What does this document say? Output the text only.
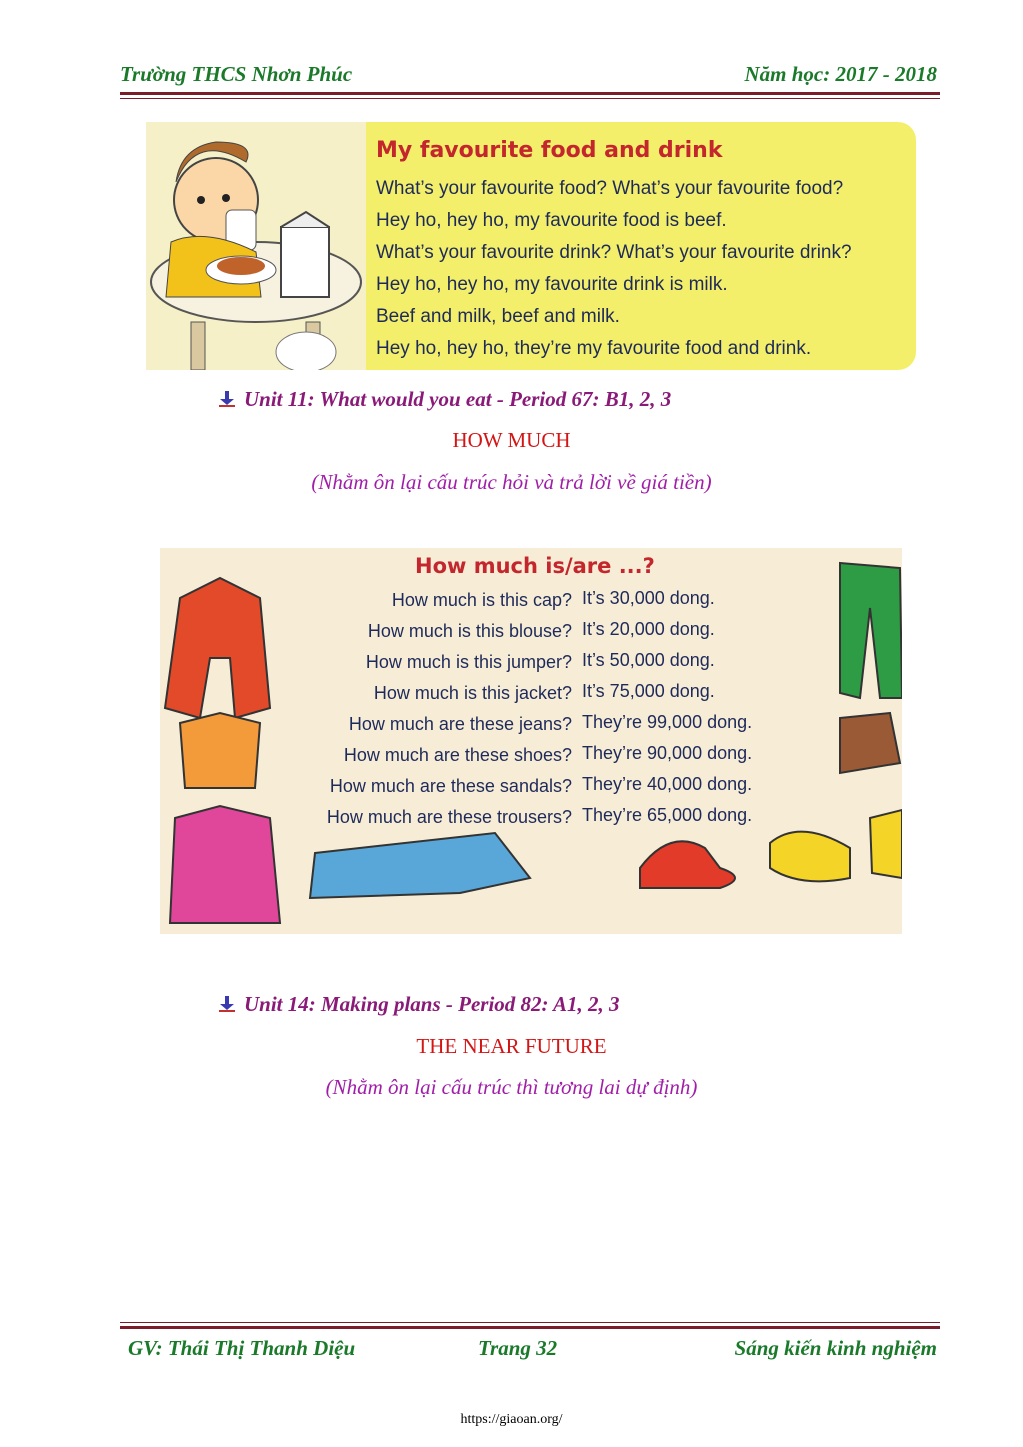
Trường THCS Nhơn Phúc	Năm học: 2017 - 2018
My favourite food and drink
What’s your favourite food? What’s your favourite food?
Hey ho, hey ho, my favourite food is beef.
What’s your favourite drink? What’s your favourite drink?
Hey ho, hey ho, my favourite drink is milk.
Beef and milk, beef and milk.
Hey ho, hey ho, they’re my favourite food and drink.
Unit 11: What would you eat - Period 67: B1, 2, 3
HOW MUCH
(Nhằm ôn lại cấu trúc hỏi và trả lời về giá tiền)
How much is/are ...?
How much is this cap? It’s 30,000 dong.
How much is this blouse? It’s 20,000 dong.
How much is this jumper? It’s 50,000 dong.
How much is this jacket? It’s 75,000 dong.
How much are these jeans? They’re 99,000 dong.
How much are these shoes? They’re 90,000 dong.
How much are these sandals? They’re 40,000 dong.
How much are these trousers? They’re 65,000 dong.
Unit 14: Making plans - Period 82: A1, 2, 3
THE NEAR FUTURE
(Nhằm ôn lại cấu trúc thì tương lai dự định)
GV: Thái Thị Thanh Diệu	Trang 32	Sáng kiến kinh nghiệm
https://giaoan.org/
